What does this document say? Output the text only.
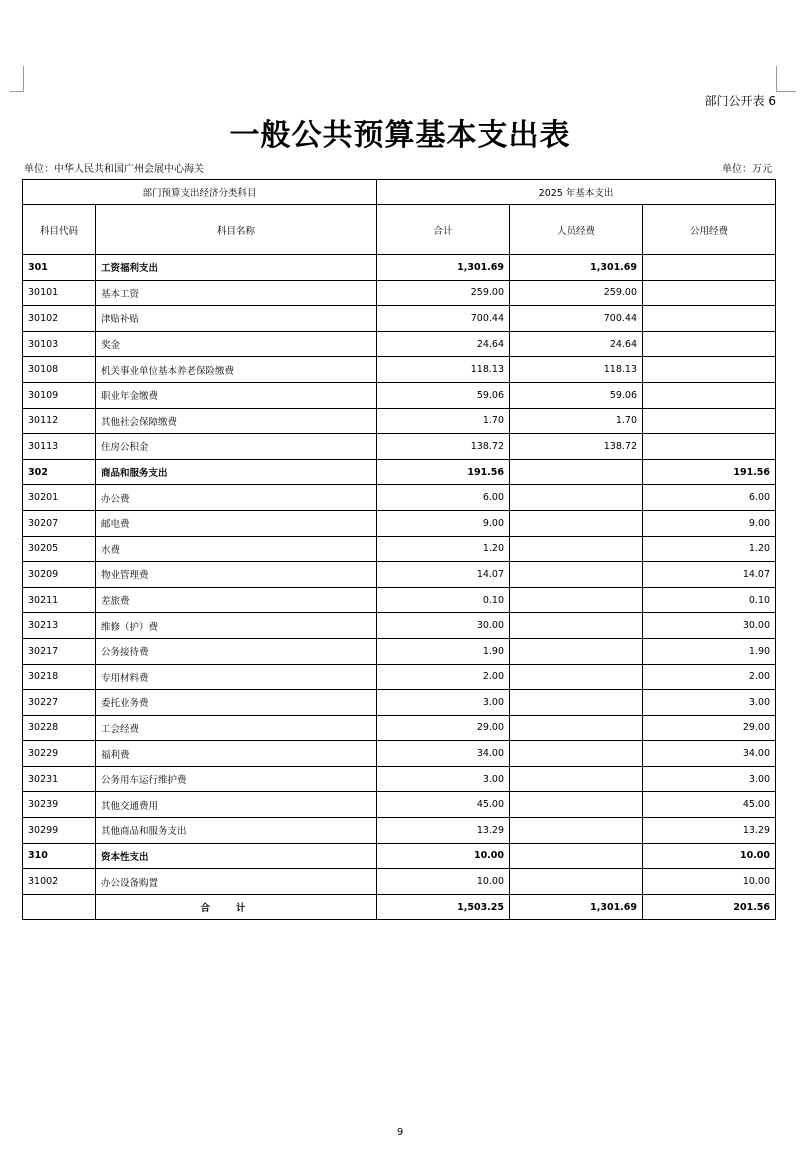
部门公开表 6
一般公共预算基本支出表
单位：中华人民共和国广州会展中心海关	单位：万元
部门预算支出经济分类科目		2025 年基本支出		
科目代码	科目名称	合计	人员经费	公用经费
301	工资福利支出	1,301.69	1,301.69	
30101	基本工资	259.00	259.00	
30102	津贴补贴	700.44	700.44	
30103	奖金	24.64	24.64	
30108	机关事业单位基本养老保险缴费	118.13	118.13	
30109	职业年金缴费	59.06	59.06	
30112	其他社会保障缴费	1.70	1.70	
30113	住房公积金	138.72	138.72	
302	商品和服务支出	191.56		191.56
30201	办公费	6.00		6.00
30207	邮电费	9.00		9.00
30205	水费	1.20		1.20
30209	物业管理费	14.07		14.07
30211	差旅费	0.10		0.10
30213	维修（护）费	30.00		30.00
30217	公务接待费	1.90		1.90
30218	专用材料费	2.00		2.00
30227	委托业务费	3.00		3.00
30228	工会经费	29.00		29.00
30229	福利费	34.00		34.00
30231	公务用车运行维护费	3.00		3.00
30239	其他交通费用	45.00		45.00
30299	其他商品和服务支出	13.29		13.29
310	资本性支出	10.00		10.00
31002	办公设备购置	10.00		10.00
	合计	1,503.25	1,301.69	201.56
9
